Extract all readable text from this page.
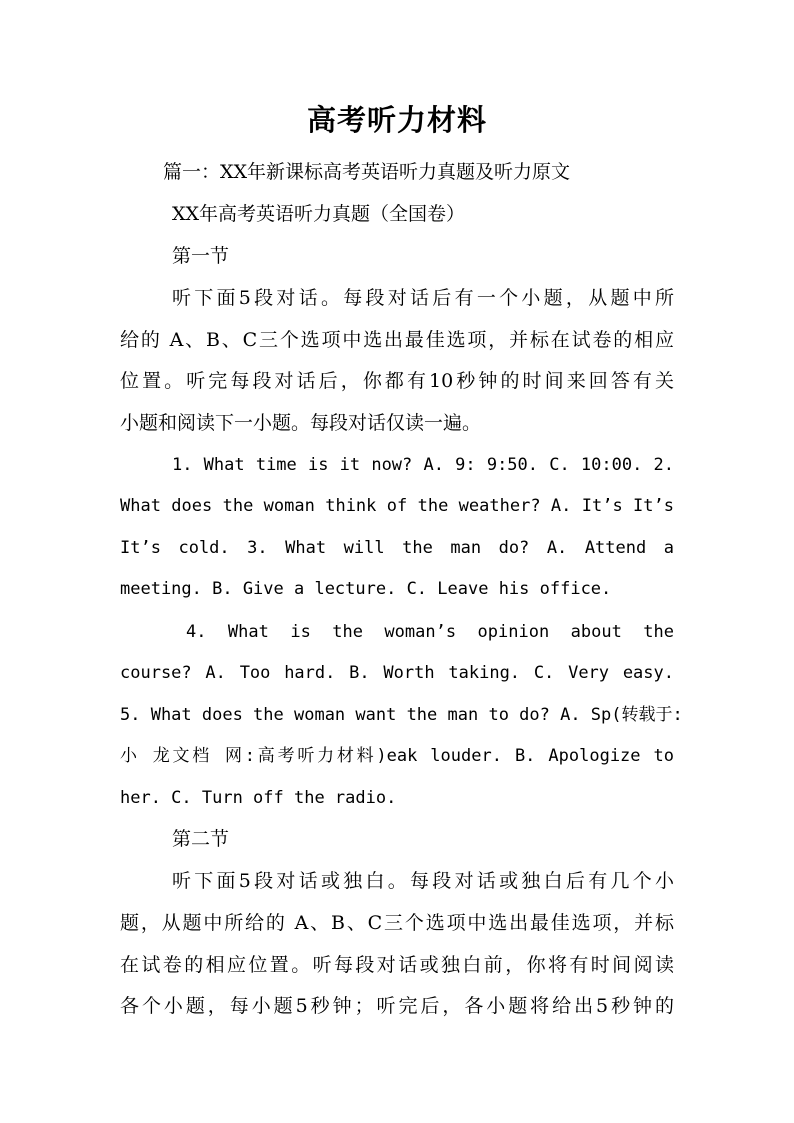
高考听力材料
篇一：XX年新课标高考英语听力真题及听力原文
XX年高考英语听力真题（全国卷）
第一节
听下面5段对话。每段对话后有一个小题，从题中所
给的 A、B、C三个选项中选出最佳选项，并标在试卷的相应
位置。听完每段对话后，你都有10秒钟的时间来回答有关
小题和阅读下一小题。每段对话仅读一遍。
1. What time is it now? A. 9: 9:50. C. 10:00. 2.
What does the woman think of the weather? A. It’s It’s
It’s cold. 3. What will the man do? A. Attend a
meeting. B. Give a lecture. C. Leave his office.
4. What is the woman’s opinion about the
course? A. Too hard. B. Worth taking. C. Very easy.
5. What does the woman want the man to do? A. Sp(转载于:
小 龙文档 网:高考听力材料)eak louder. B. Apologize to
her. C. Turn off the radio.
第二节
听下面5段对话或独白。每段对话或独白后有几个小
题，从题中所给的 A、B、C三个选项中选出最佳选项，并标
在试卷的相应位置。听每段对话或独白前，你将有时间阅读
各个小题，每小题5秒钟；听完后，各小题将给出5秒钟的
